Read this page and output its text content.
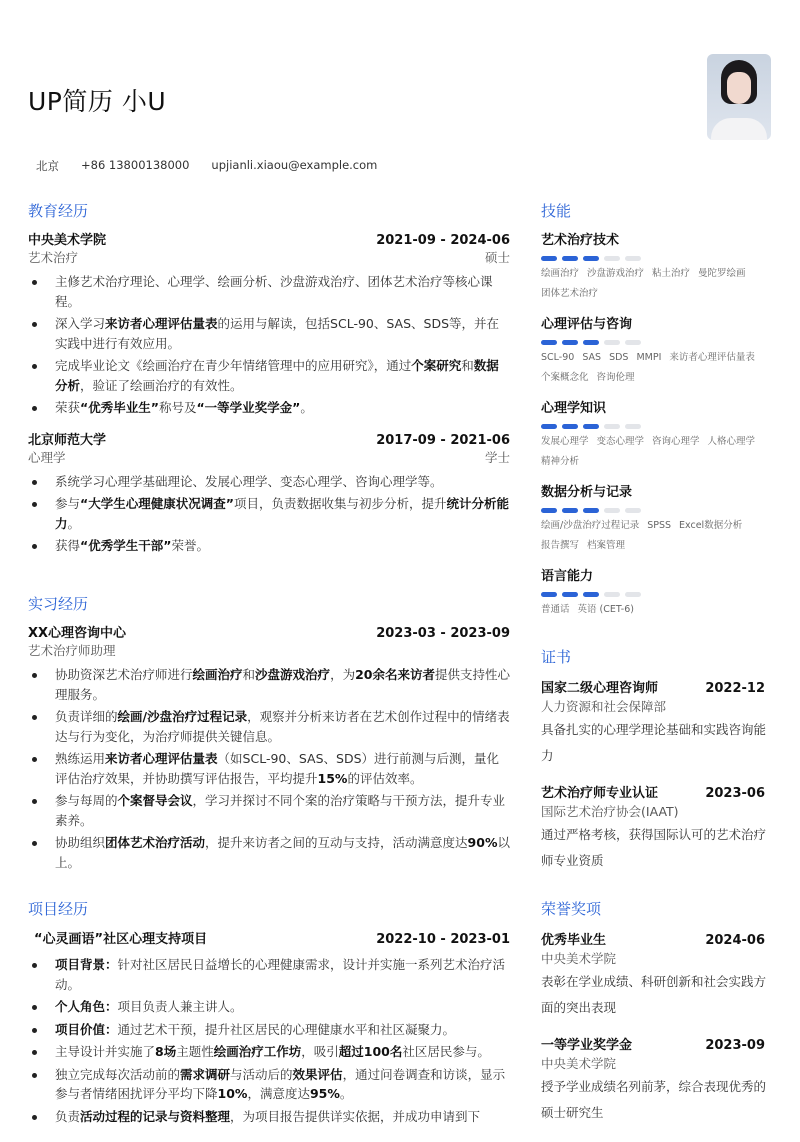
UP简历 小U
北京 +86 13800138000 upjianli.xiaou@example.com
教育经历
中央美术学院	2021-09 - 2024-06
艺术治疗	硕士
主修艺术治疗理论、心理学、绘画分析、沙盘游戏治疗、团体艺术治疗等核心课程。
深入学习来访者心理评估量表的运用与解读，包括SCL-90、SAS、SDS等，并在实践中进行有效应用。
完成毕业论文《绘画治疗在青少年情绪管理中的应用研究》，通过个案研究和数据分析，验证了绘画治疗的有效性。
荣获“优秀毕业生”称号及“一等学业奖学金”。
北京师范大学	2017-09 - 2021-06
心理学	学士
系统学习心理学基础理论、发展心理学、变态心理学、咨询心理学等。
参与“大学生心理健康状况调查”项目，负责数据收集与初步分析，提升统计分析能力。
获得“优秀学生干部”荣誉。
实习经历
XX心理咨询中心	2023-03 - 2023-09
艺术治疗师助理
协助资深艺术治疗师进行绘画治疗和沙盘游戏治疗，为20余名来访者提供支持性心理服务。
负责详细的绘画/沙盘治疗过程记录，观察并分析来访者在艺术创作过程中的情绪表达与行为变化，为治疗师提供关键信息。
熟练运用来访者心理评估量表（如SCL-90、SAS、SDS）进行前测与后测，量化评估治疗效果，并协助撰写评估报告，平均提升15%的评估效率。
参与每周的个案督导会议，学习并探讨不同个案的治疗策略与干预方法，提升专业素养。
协助组织团体艺术治疗活动，提升来访者之间的互动与支持，活动满意度达90%以上。
项目经历
“心灵画语”社区心理支持项目	2022-10 - 2023-01
项目背景：针对社区居民日益增长的心理健康需求，设计并实施一系列艺术治疗活动。
个人角色：项目负责人兼主讲人。
项目价值：通过艺术干预，提升社区居民的心理健康水平和社区凝聚力。
主导设计并实施了8场主题性绘画治疗工作坊，吸引超过100名社区居民参与。
独立完成每次活动前的需求调研与活动后的效果评估，通过问卷调查和访谈，显示参与者情绪困扰评分平均下降10%，满意度达95%。
负责活动过程的记录与资料整理，为项目报告提供详实依据，并成功申请到下
技能
艺术治疗技术
绘画治疗 沙盘游戏治疗 粘土治疗 曼陀罗绘画
团体艺术治疗
心理评估与咨询
SCL-90 SAS SDS MMPI 来访者心理评估量表
个案概念化 咨询伦理
心理学知识
发展心理学 变态心理学 咨询心理学 人格心理学
精神分析
数据分析与记录
绘画/沙盘治疗过程记录 SPSS Excel数据分析
报告撰写 档案管理
语言能力
普通话 英语 (CET-6)
证书
国家二级心理咨询师	2022-12
人力资源和社会保障部
具备扎实的心理学理论基础和实践咨询能力
艺术治疗师专业认证	2023-06
国际艺术治疗协会(IAAT)
通过严格考核，获得国际认可的艺术治疗师专业资质
荣誉奖项
优秀毕业生	2024-06
中央美术学院
表彰在学业成绩、科研创新和社会实践方面的突出表现
一等学业奖学金	2023-09
中央美术学院
授予学业成绩名列前茅，综合表现优秀的硕士研究生
